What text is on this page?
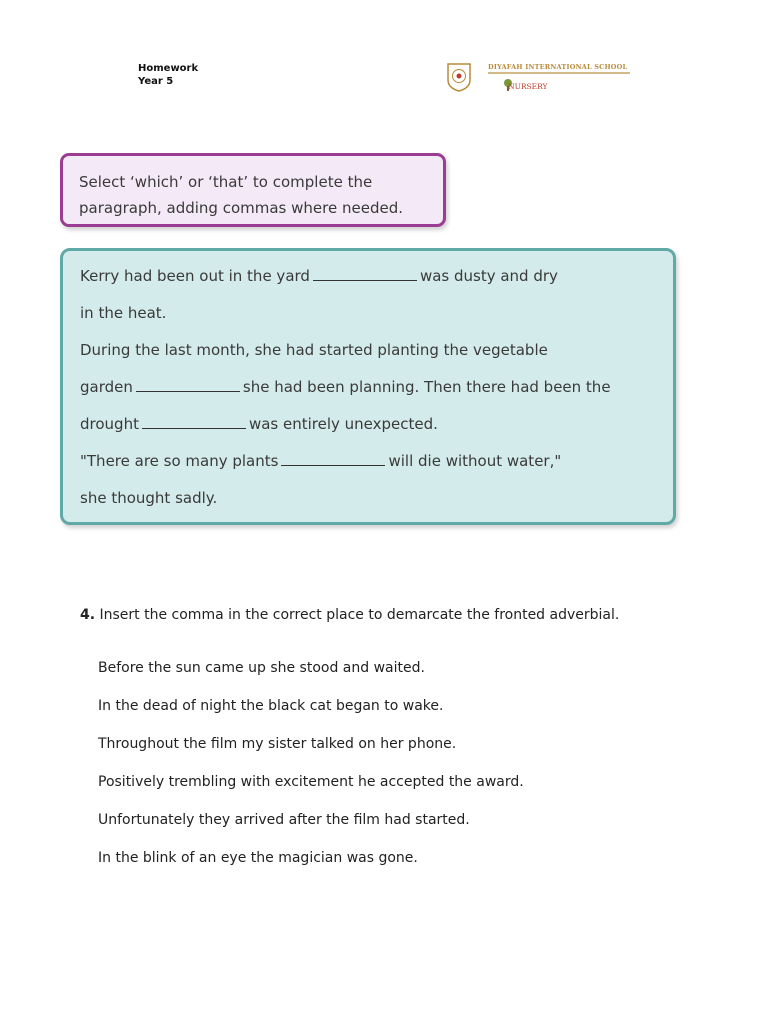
Homework
Year 5
DIYAFAH INTERNATIONAL SCHOOL
NURSERY
Select ‘which’ or ‘that’ to complete the
paragraph, adding commas where needed.
Kerry had been out in the yard	was dusty and dry
in the heat.
During the last month, she had started planting the vegetable
garden	she had been planning. Then there had been the
drought	was entirely unexpected.
"There are so many plants	will die without water,"
she thought sadly.
4. Insert the comma in the correct place to demarcate the fronted adverbial.
Before the sun came up she stood and waited.
In the dead of night the black cat began to wake.
Throughout the film my sister talked on her phone.
Positively trembling with excitement he accepted the award.
Unfortunately they arrived after the film had started.
In the blink of an eye the magician was gone.
